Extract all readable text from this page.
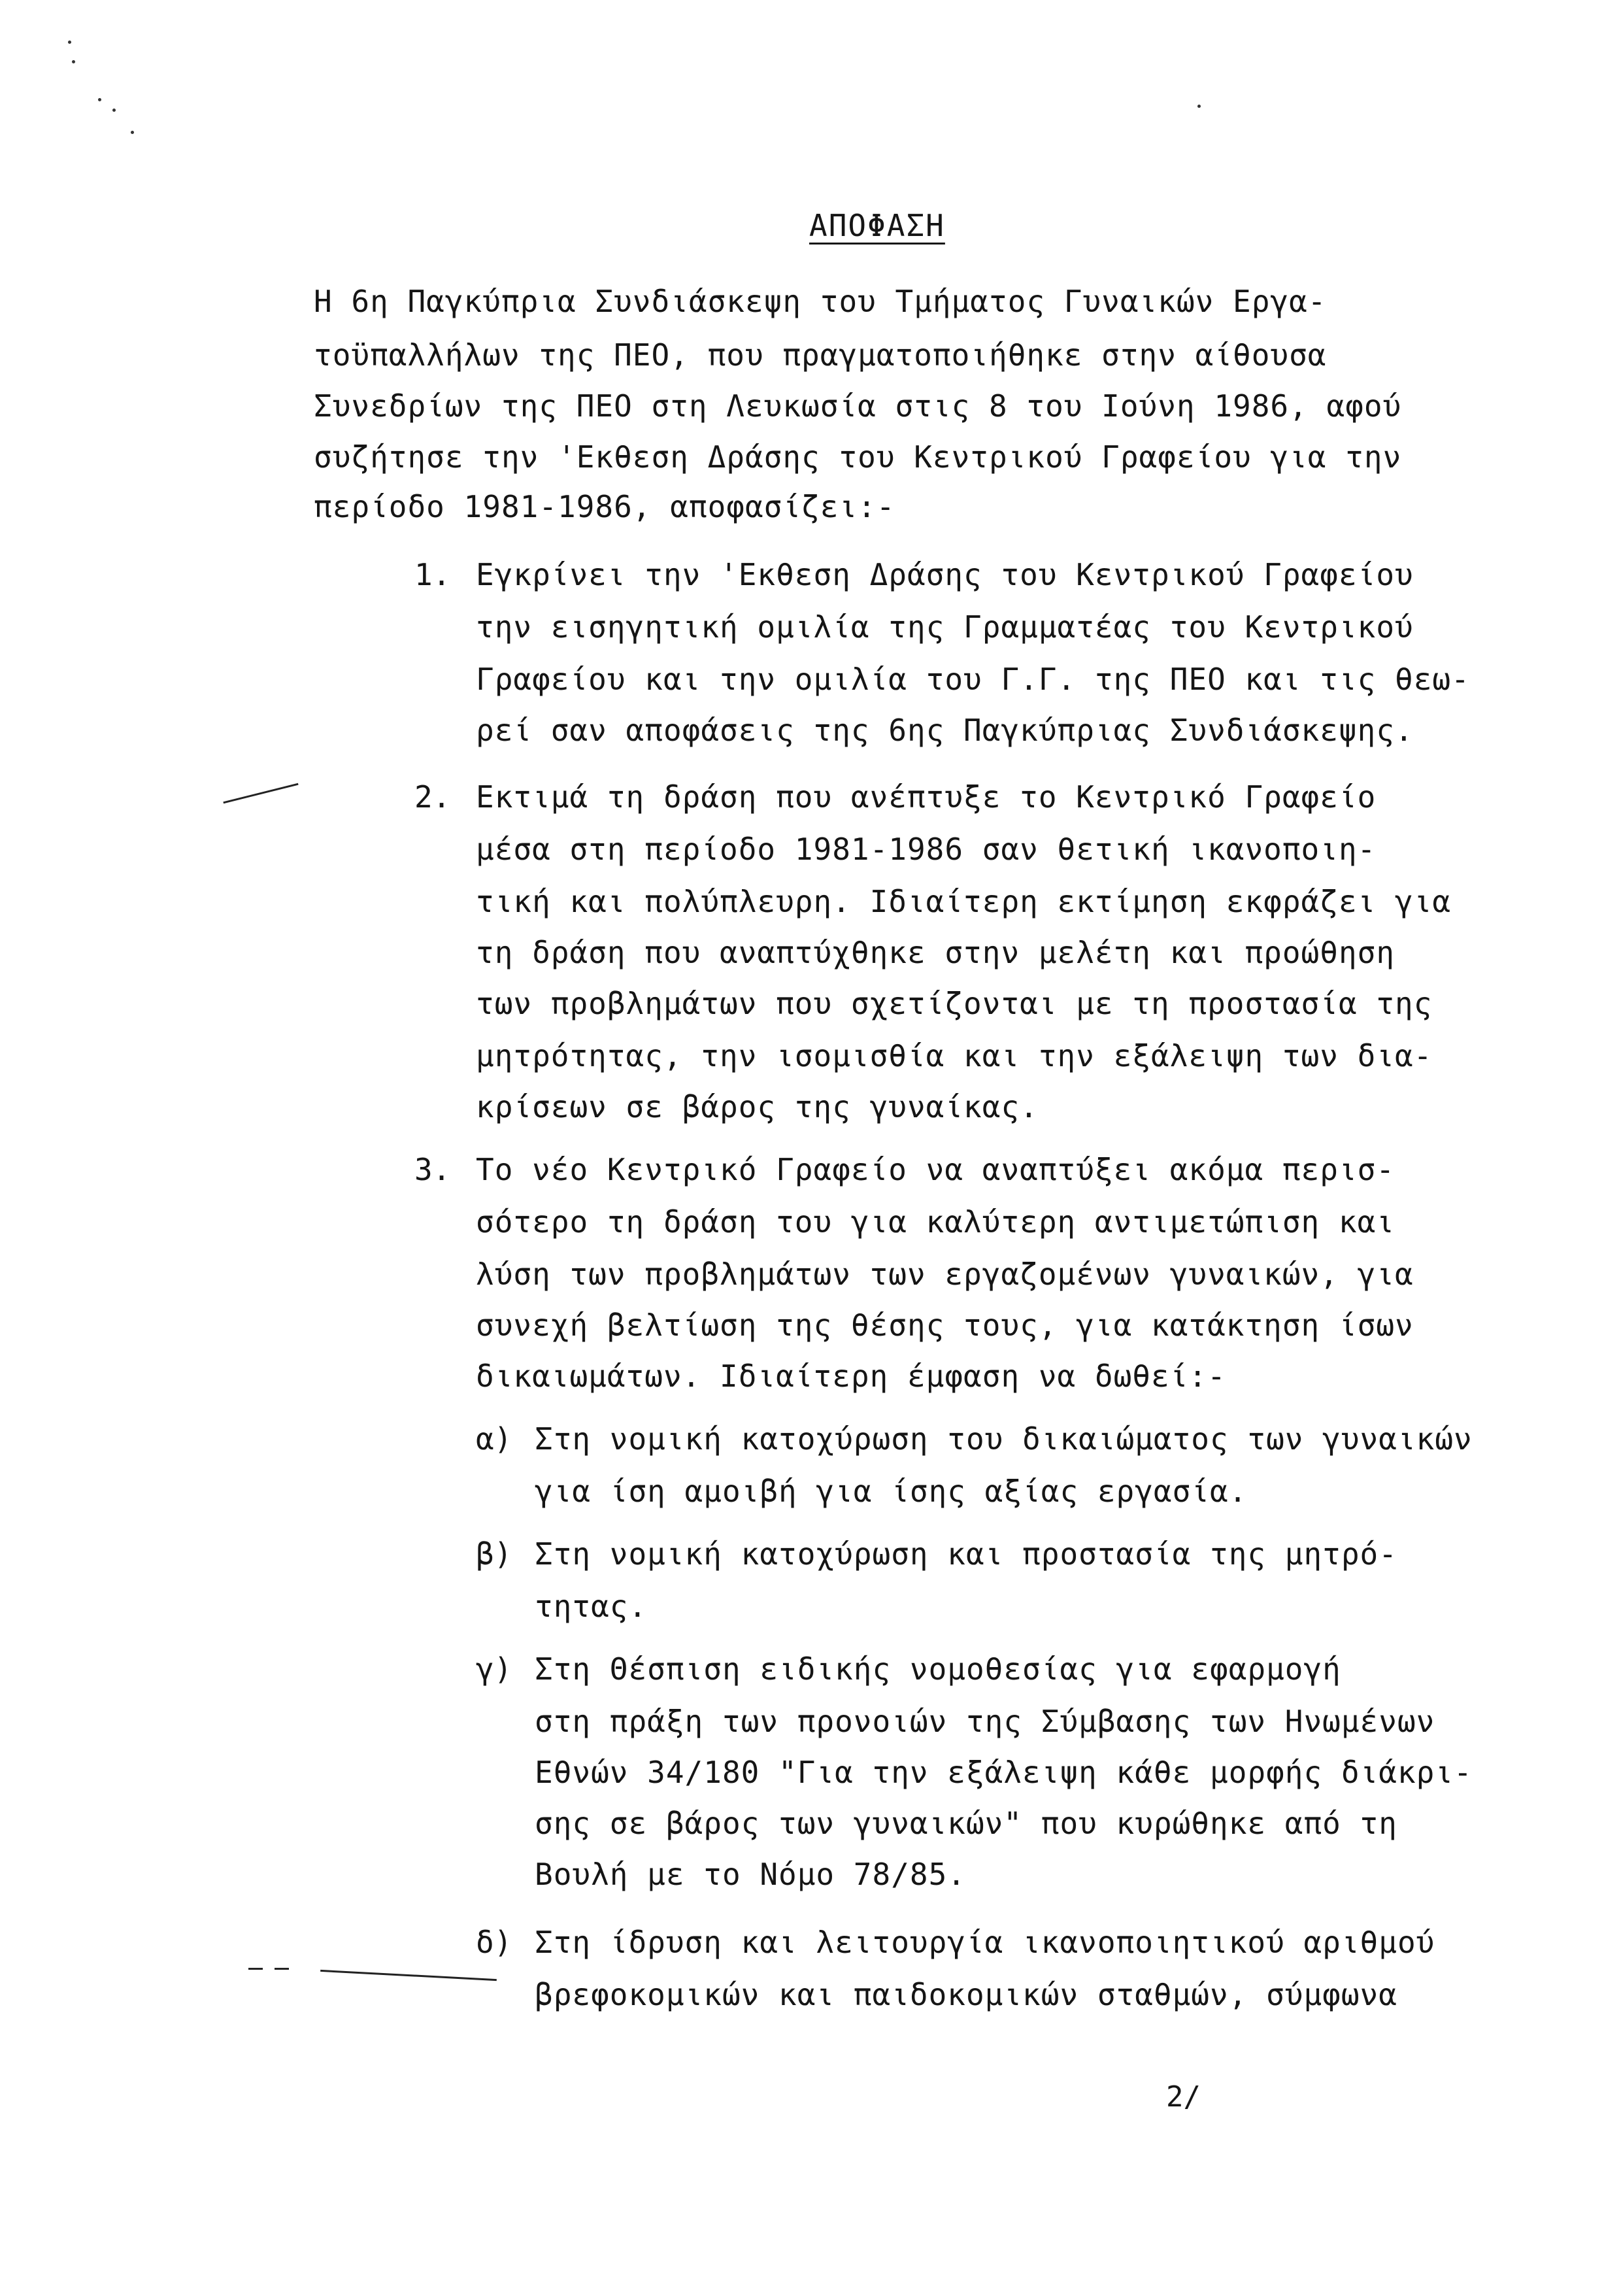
ΑΠΟΦΑΣΗ
Η 6η Παγκύπρια Συνδιάσκεψη του Τμήματος Γυναικών Εργα-
τοϋπαλλήλων της ΠΕΟ, που πραγματοποιήθηκε στην αίθουσα
Συνεδρίων της ΠΕΟ στη Λευκωσία στις 8 του Ιούνη 1986, αφού
συζήτησε την 'Εκθεση Δράσης του Κεντρικού Γραφείου για την
περίοδο 1981-1986, αποφασίζει:-
1. Εγκρίνει την 'Εκθεση Δράσης του Κεντρικού Γραφείου
την εισηγητική ομιλία της Γραμματέας του Κεντρικού
Γραφείου και την ομιλία του Γ.Γ. της ΠΕΟ και τις θεω-
ρεί σαν αποφάσεις της 6ης Παγκύπριας Συνδιάσκεψης.
2. Εκτιμά τη δράση που ανέπτυξε το Κεντρικό Γραφείο
μέσα στη περίοδο 1981-1986 σαν θετική ικανοποιη-
τική και πολύπλευρη. Ιδιαίτερη εκτίμηση εκφράζει για
τη δράση που αναπτύχθηκε στην μελέτη και προώθηση
των προβλημάτων που σχετίζονται με τη προστασία της
μητρότητας, την ισομισθία και την εξάλειψη των δια-
κρίσεων σε βάρος της γυναίκας.
3. Το νέο Κεντρικό Γραφείο να αναπτύξει ακόμα περισ-
σότερο τη δράση του για καλύτερη αντιμετώπιση και
λύση των προβλημάτων των εργαζομένων γυναικών, για
συνεχή βελτίωση της θέσης τους, για κατάκτηση ίσων
δικαιωμάτων. Ιδιαίτερη έμφαση να δωθεί:-
α) Στη νομική κατοχύρωση του δικαιώματος των γυναικών
για ίση αμοιβή για ίσης αξίας εργασία.
β) Στη νομική κατοχύρωση και προστασία της μητρό-
τητας.
γ) Στη Θέσπιση ειδικής νομοθεσίας για εφαρμογή
στη πράξη των προνοιών της Σύμβασης των Ηνωμένων
Εθνών 34/180 "Για την εξάλειψη κάθε μορφής διάκρι-
σης σε βάρος των γυναικών" που κυρώθηκε από τη
Βουλή με το Νόμο 78/85.
δ) Στη ίδρυση και λειτουργία ικανοποιητικού αριθμού
βρεφοκομικών και παιδοκομικών σταθμών, σύμφωνα
2/
